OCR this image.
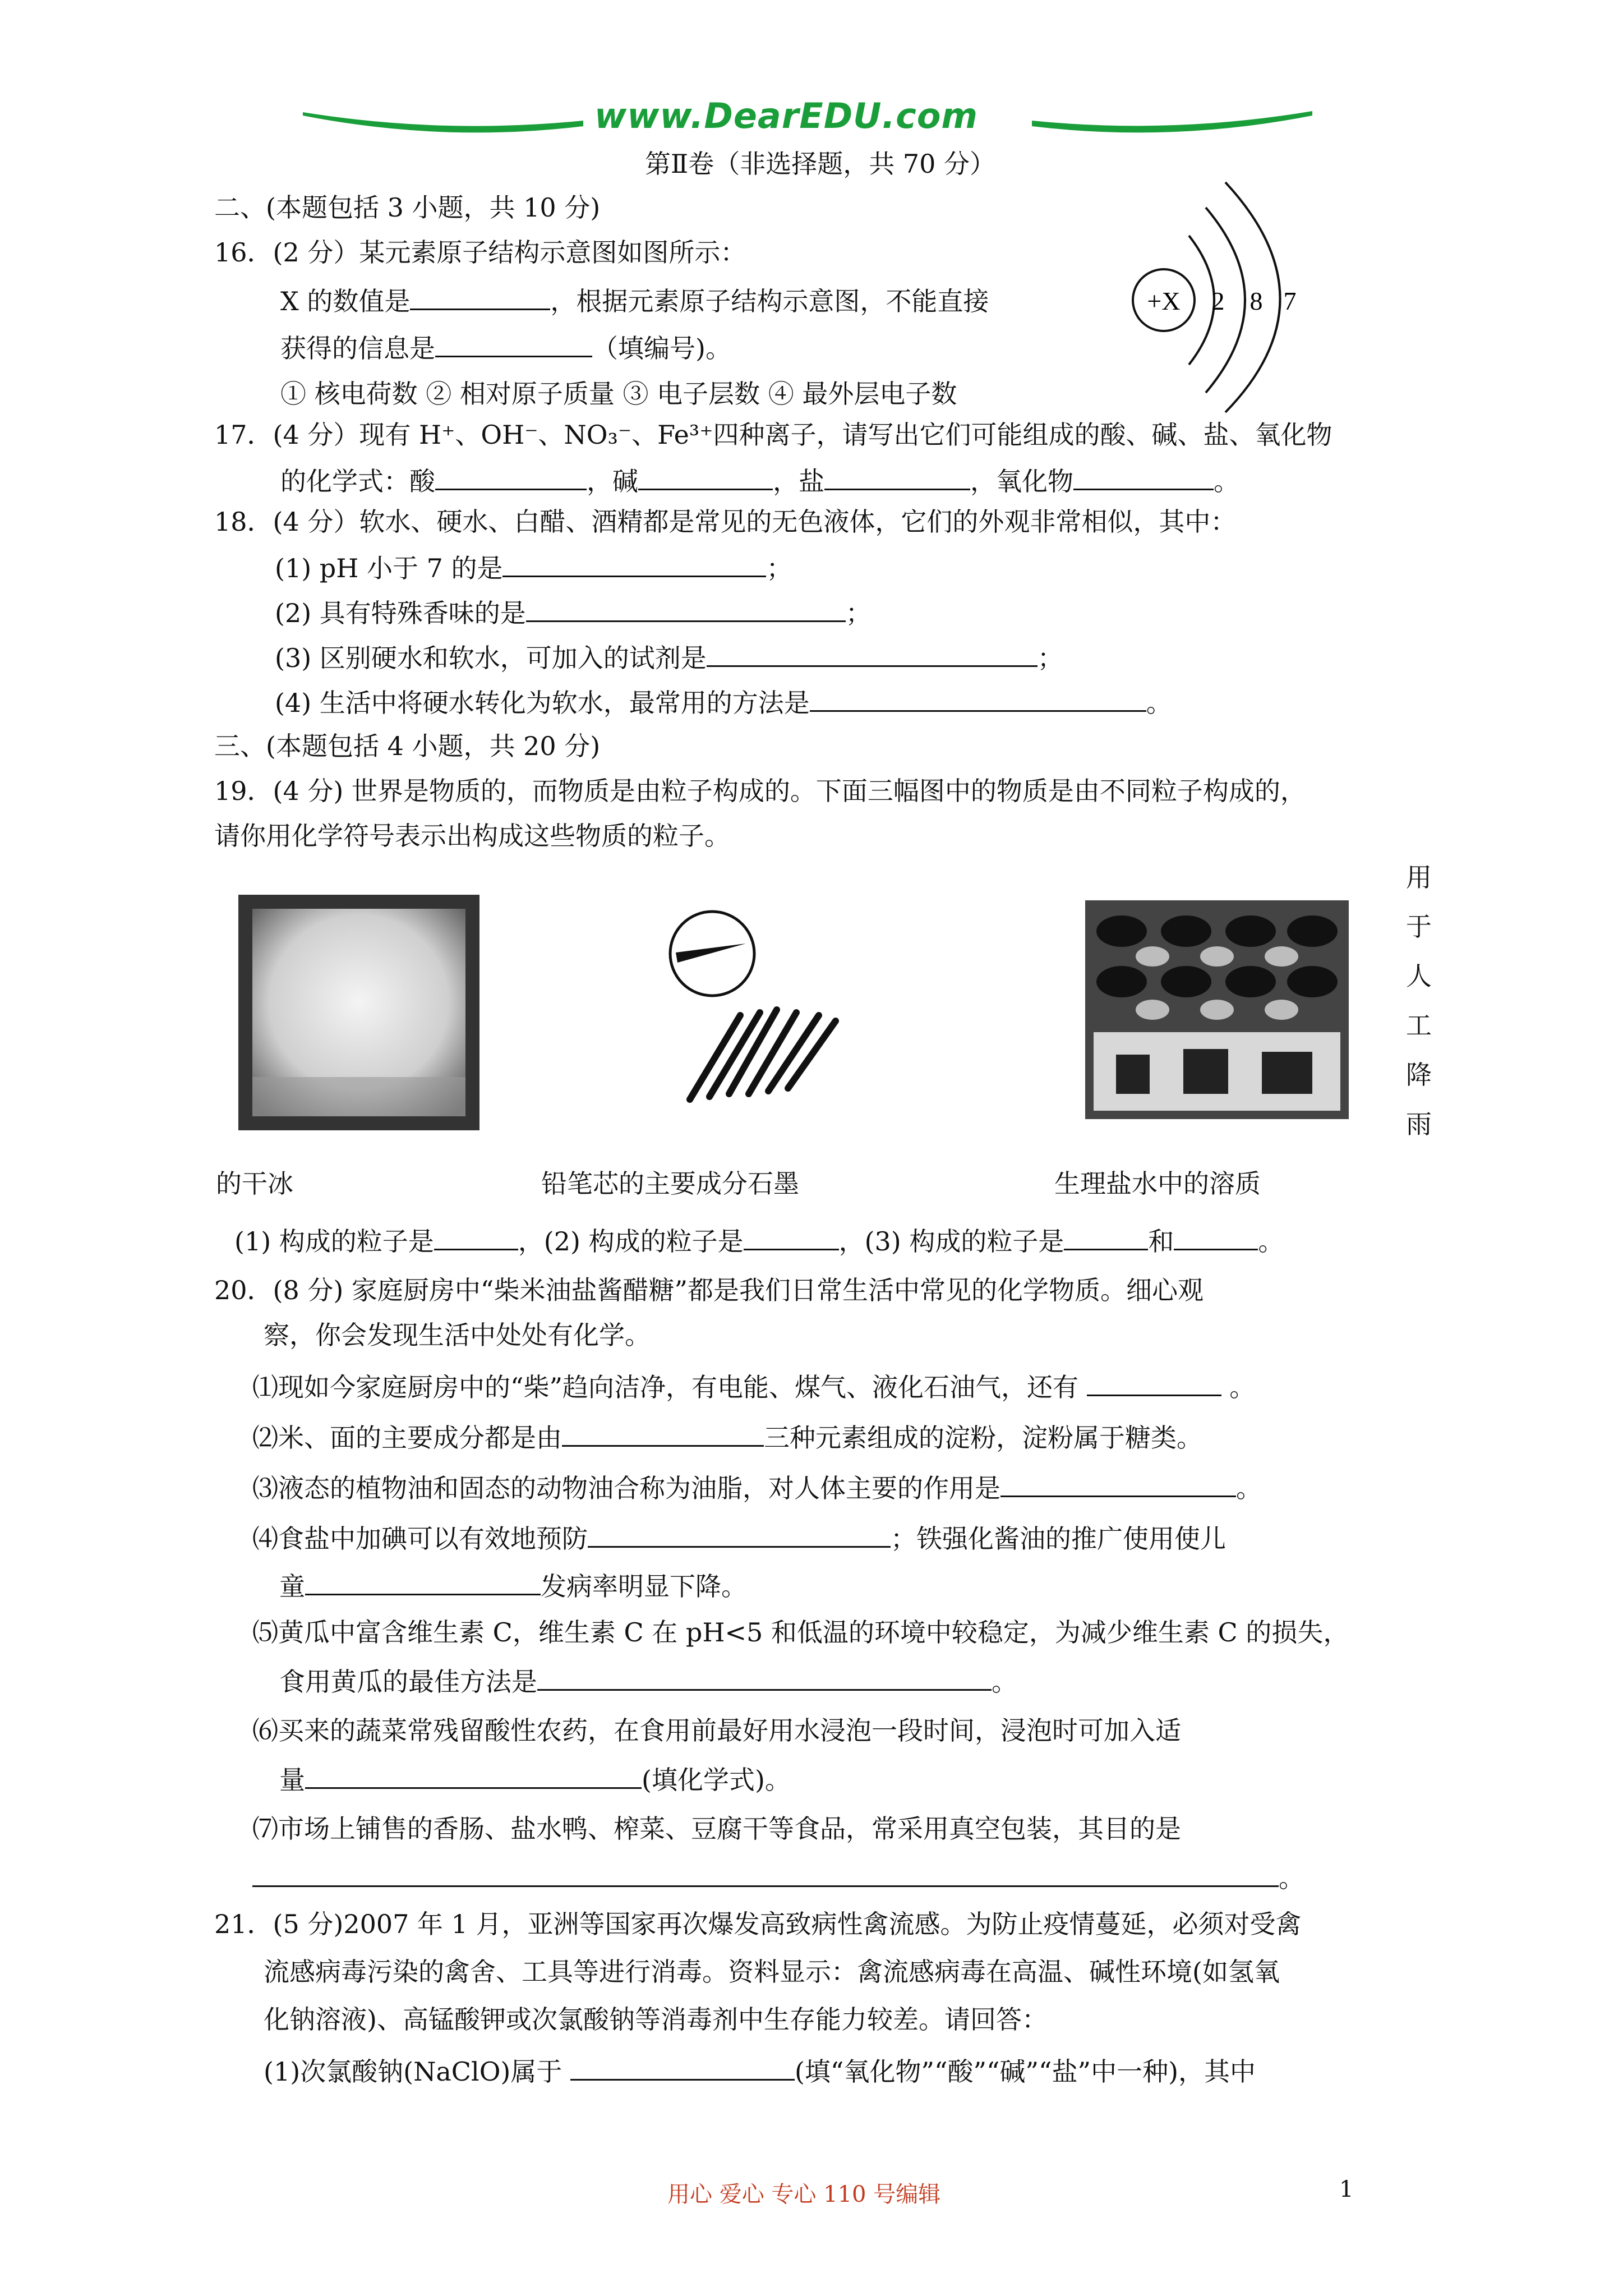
www.DearEDU.com
第Ⅱ卷（非选择题，共 70 分）
二、(本题包括 3 小题，共 10 分)
16．(2 分）某元素原子结构示意图如图所示：
X 的数值是	，根据元素原子结构示意图，不能直接
获得的信息是	（填编号)。
① 核电荷数 ② 相对原子质量 ③ 电子层数 ④ 最外层电子数
+X 2 8 7
17．(4 分）现有 H⁺、OH⁻、NO₃⁻、Fe³⁺四种离子，请写出它们可能组成的酸、碱、盐、氧化物
的化学式：酸	，碱	，盐	，氧化物	。
18．(4 分）软水、硬水、白醋、酒精都是常见的无色液体，它们的外观非常相似，其中：
(1) pH 小于 7 的是	；
(2) 具有特殊香味的是	；
(3) 区别硬水和软水，可加入的试剂是	；
(4) 生活中将硬水转化为软水，最常用的方法是	。
三、(本题包括 4 小题，共 20 分)
19．(4 分) 世界是物质的，而物质是由粒子构成的。下面三幅图中的物质是由不同粒子构成的，
请你用化学符号表示出构成这些物质的粒子。
用于人工降雨
的干冰	铅笔芯的主要成分石墨	生理盐水中的溶质
(1) 构成的粒子是	，(2) 构成的粒子是	，(3) 构成的粒子是	和	。
20．(8 分) 家庭厨房中“柴米油盐酱醋糖”都是我们日常生活中常见的化学物质。细心观
察，你会发现生活中处处有化学。
⑴现如今家庭厨房中的“柴”趋向洁净，有电能、煤气、液化石油气，还有	。
⑵米、面的主要成分都是由	三种元素组成的淀粉，淀粉属于糖类。
⑶液态的植物油和固态的动物油合称为油脂，对人体主要的作用是	。
⑷食盐中加碘可以有效地预防	；铁强化酱油的推广使用使儿
童	发病率明显下降。
⑸黄瓜中富含维生素 C，维生素 C 在 pH<5 和低温的环境中较稳定，为减少维生素 C 的损失，
食用黄瓜的最佳方法是	。
⑹买来的蔬菜常残留酸性农药，在食用前最好用水浸泡一段时间，浸泡时可加入适
量	(填化学式)。
⑺市场上铺售的香肠、盐水鸭、榨菜、豆腐干等食品，常采用真空包装，其目的是
。
21．(5 分)2007 年 1 月，亚洲等国家再次爆发高致病性禽流感。为防止疫情蔓延，必须对受禽
流感病毒污染的禽舍、工具等进行消毒。资料显示：禽流感病毒在高温、碱性环境(如氢氧
化钠溶液)、高锰酸钾或次氯酸钠等消毒剂中生存能力较差。请回答：
(1)次氯酸钠(NaClO)属于	(填“氧化物”“酸”“碱”“盐”中一种)，其中
用心 爱心 专心 110 号编辑	1
